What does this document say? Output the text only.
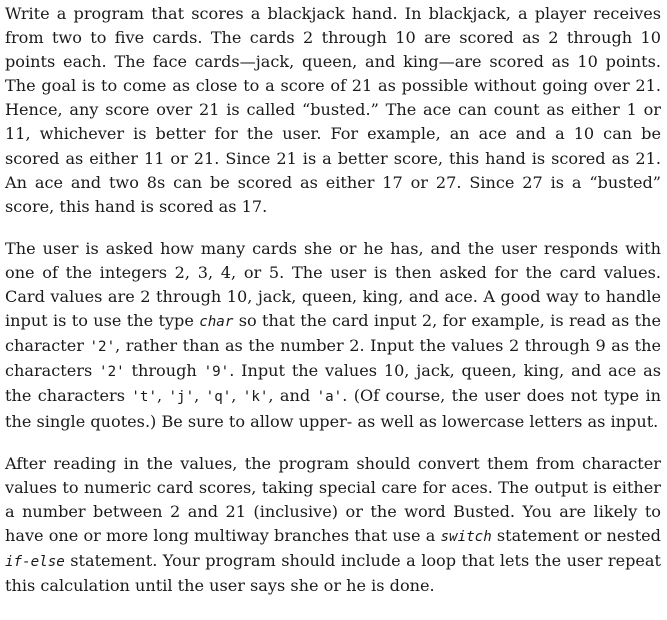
Write a program that scores a blackjack hand. In blackjack, a player receives from two to five cards. The cards 2 through 10 are scored as 2 through 10 points each. The face cards—jack, queen, and king—are scored as 10 points. The goal is to come as close to a score of 21 as possible without going over 21. Hence, any score over 21 is called “busted.” The ace can count as either 1 or 11, whichever is better for the user. For example, an ace and a 10 can be scored as either 11 or 21. Since 21 is a better score, this hand is scored as 21. An ace and two 8s can be scored as either 17 or 27. Since 27 is a “busted” score, this hand is scored as 17.

The user is asked how many cards she or he has, and the user responds with one of the integers 2, 3, 4, or 5. The user is then asked for the card values. Card values are 2 through 10, jack, queen, king, and ace. A good way to handle input is to use the type char so that the card input 2, for example, is read as the character '2', rather than as the number 2. Input the values 2 through 9 as the characters '2' through '9'. Input the values 10, jack, queen, king, and ace as the characters 't', 'j', 'q', 'k', and 'a'. (Of course, the user does not type in the single quotes.) Be sure to allow upper- as well as lowercase letters as input.

After reading in the values, the program should convert them from character values to numeric card scores, taking special care for aces. The output is either a number between 2 and 21 (inclusive) or the word Busted. You are likely to have one or more long multiway branches that use a switch statement or nested if-else statement. Your program should include a loop that lets the user repeat this calculation until the user says she or he is done.
